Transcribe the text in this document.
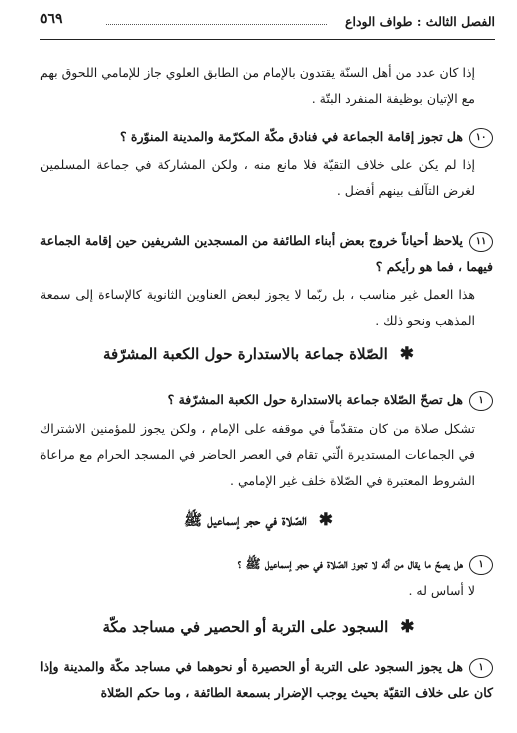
الفصل الثالث : طواف الوداع
٥٦٩
إذا كان عدد من أهل السنّة يقتدون بالإمام من الطابق العلوي جاز للإمامي اللحوق بهم مع الإتيان بوظيفة المنفرد البتّة .
١٠هل تجوز إقامة الجماعة في فنادق مكّة المكرّمة والمدينة المنوّرة ؟
إذا لم يكن على خلاف التقيّة فلا مانع منه ، ولكن المشاركة في جماعة المسلمين لغرض التآلف بينهم أفضل .
١١يلاحظ أحياناً خروج بعض أبناء الطائفة من المسجدين الشريفين حين إقامة الجماعة فيهما ، فما هو رأيكم ؟
هذا العمل غير مناسب ، بل ربّما لا يجوز لبعض العناوين الثانوية كالإساءة إلى سمعة المذهب ونحو ذلك .
✱الصّلاة جماعة بالاستدارة حول الكعبة المشرّفة
١هل تصحّ الصّلاة جماعة بالاستدارة حول الكعبة المشرّفة ؟
تشكل صلاة من كان متقدّماً في موقفه على الإمام ، ولكن يجوز للمؤمنين الاشتراك في الجماعات المستديرة الّتي تقام في العصر الحاضر في المسجد الحرام مع مراعاة الشروط المعتبرة في الصّلاة خلف غير الإمامي .
✱الصّلاة في حجر إسماعيل ﷺ
١هل يصحّ ما يقال من أنّه لا تجوز الصّلاة في حجر إسماعيل ﷺ ؟
لا أساس له .
✱السجود على التربة أو الحصير في مساجد مكّة
١هل يجوز السجود على التربة أو الحصيرة أو نحوهما في مساجد مكّة والمدينة وإذا كان على خلاف التقيّة بحيث يوجب الإضرار بسمعة الطائفة ، وما حكم الصّلاة
